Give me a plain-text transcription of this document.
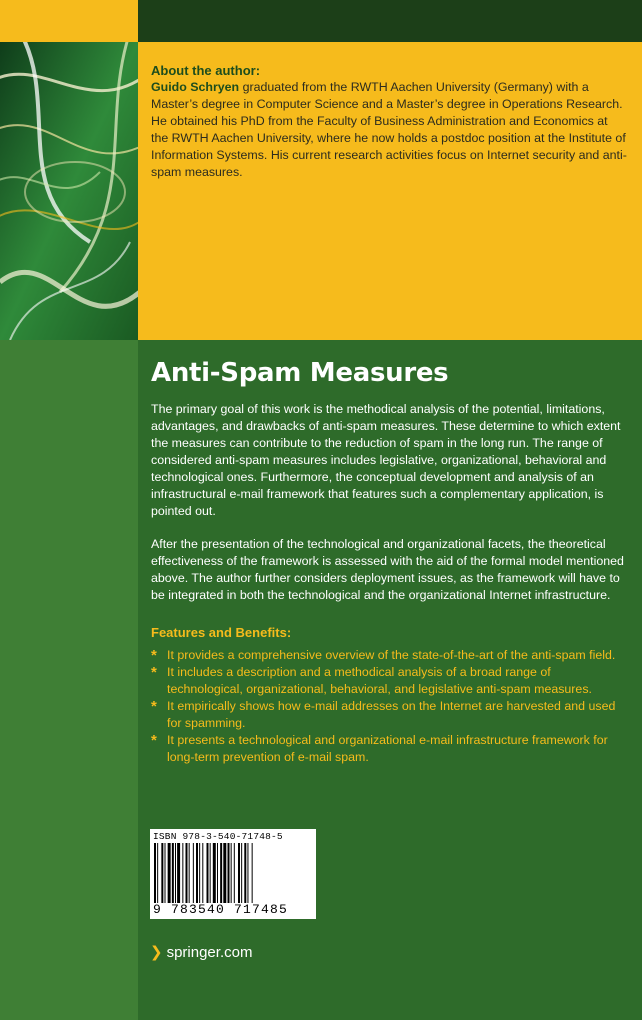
About the author:

Guido Schryen graduated from the RWTH Aachen University (Germany) with a Master’s degree in Computer Science and a Master’s degree in Operations Research. He obtained his PhD from the Faculty of Business Administration and Economics at the RWTH Aachen University, where he now holds a postdoc position at the Institute of Information Systems. His current research activities focus on Internet security and anti-spam measures.

Anti-Spam Measures

The primary goal of this work is the methodical analysis of the potential, limitations, advantages, and drawbacks of anti-spam measures. These determine to which extent the measures can contribute to the reduction of spam in the long run. The range of considered anti-spam measures includes legislative, organizational, behavioral and technological ones. Furthermore, the conceptual development and analysis of an infrastructural e-mail framework that features such a complementary application, is pointed out.

After the presentation of the technological and organizational facets, the theoretical effectiveness of the framework is assessed with the aid of the formal model mentioned above. The author further considers deployment issues, as the framework will have to be integrated in both the technological and the organizational Internet infrastructure.

Features and Benefits:
* It provides a comprehensive overview of the state-of-the-art of the anti-spam field.
* It includes a description and a methodical analysis of a broad range of technological, organizational, behavioral, and legislative anti-spam measures.
* It empirically shows how e-mail addresses on the Internet are harvested and used for spamming.
* It presents a technological and organizational e-mail infrastructure framework for long-term prevention of e-mail spam.
ISBN 978-3-540-71748-5
9 783540 717485
❯ springer.com
